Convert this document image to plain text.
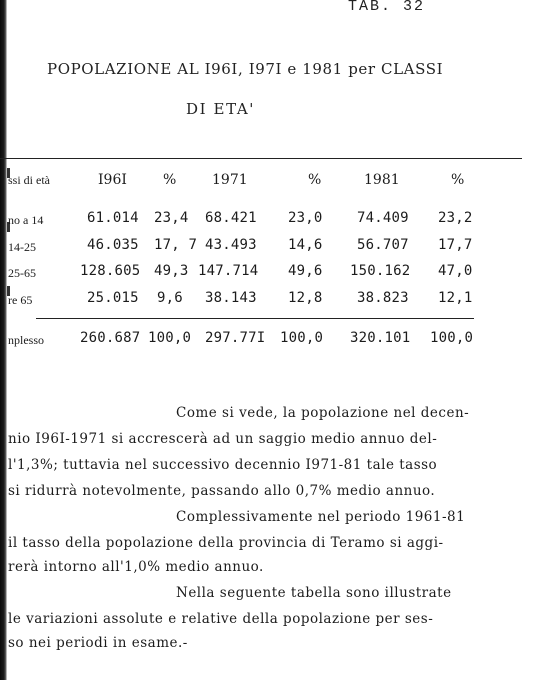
TAB. 32
POPOLAZIONE AL I96I, I97I e 1981 per CLASSI
DI ETA'
ssi di età	I96I	%	1971	%	1981	%
no a 14	61.014 23,4 68.421 23,0 74.409 23,2
14-25	46.035 17, 7 43.493 14,6 56.707 17,7
25-65	128.605 49,3 147.714 49,6 150.162 47,0
re 65	25.015 9,6 38.143 12,8 38.823 12,1
nplesso	260.687 100,0 297.77I 100,0 320.101 100,0
Come si vede, la popolazione nel decen-
nio I96I-1971 si accrescerà ad un saggio medio annuo del-
l'1,3%; tuttavia nel successivo decennio I971-81 tale tasso
si ridurrà notevolmente, passando allo 0,7% medio annuo.
Complessivamente nel periodo 1961-81
il tasso della popolazione della provincia di Teramo si aggi-
rerà intorno all'1,0% medio annuo.
Nella seguente tabella sono illustrate
le variazioni assolute e relative della popolazione per ses-
so nei periodi in esame.-
